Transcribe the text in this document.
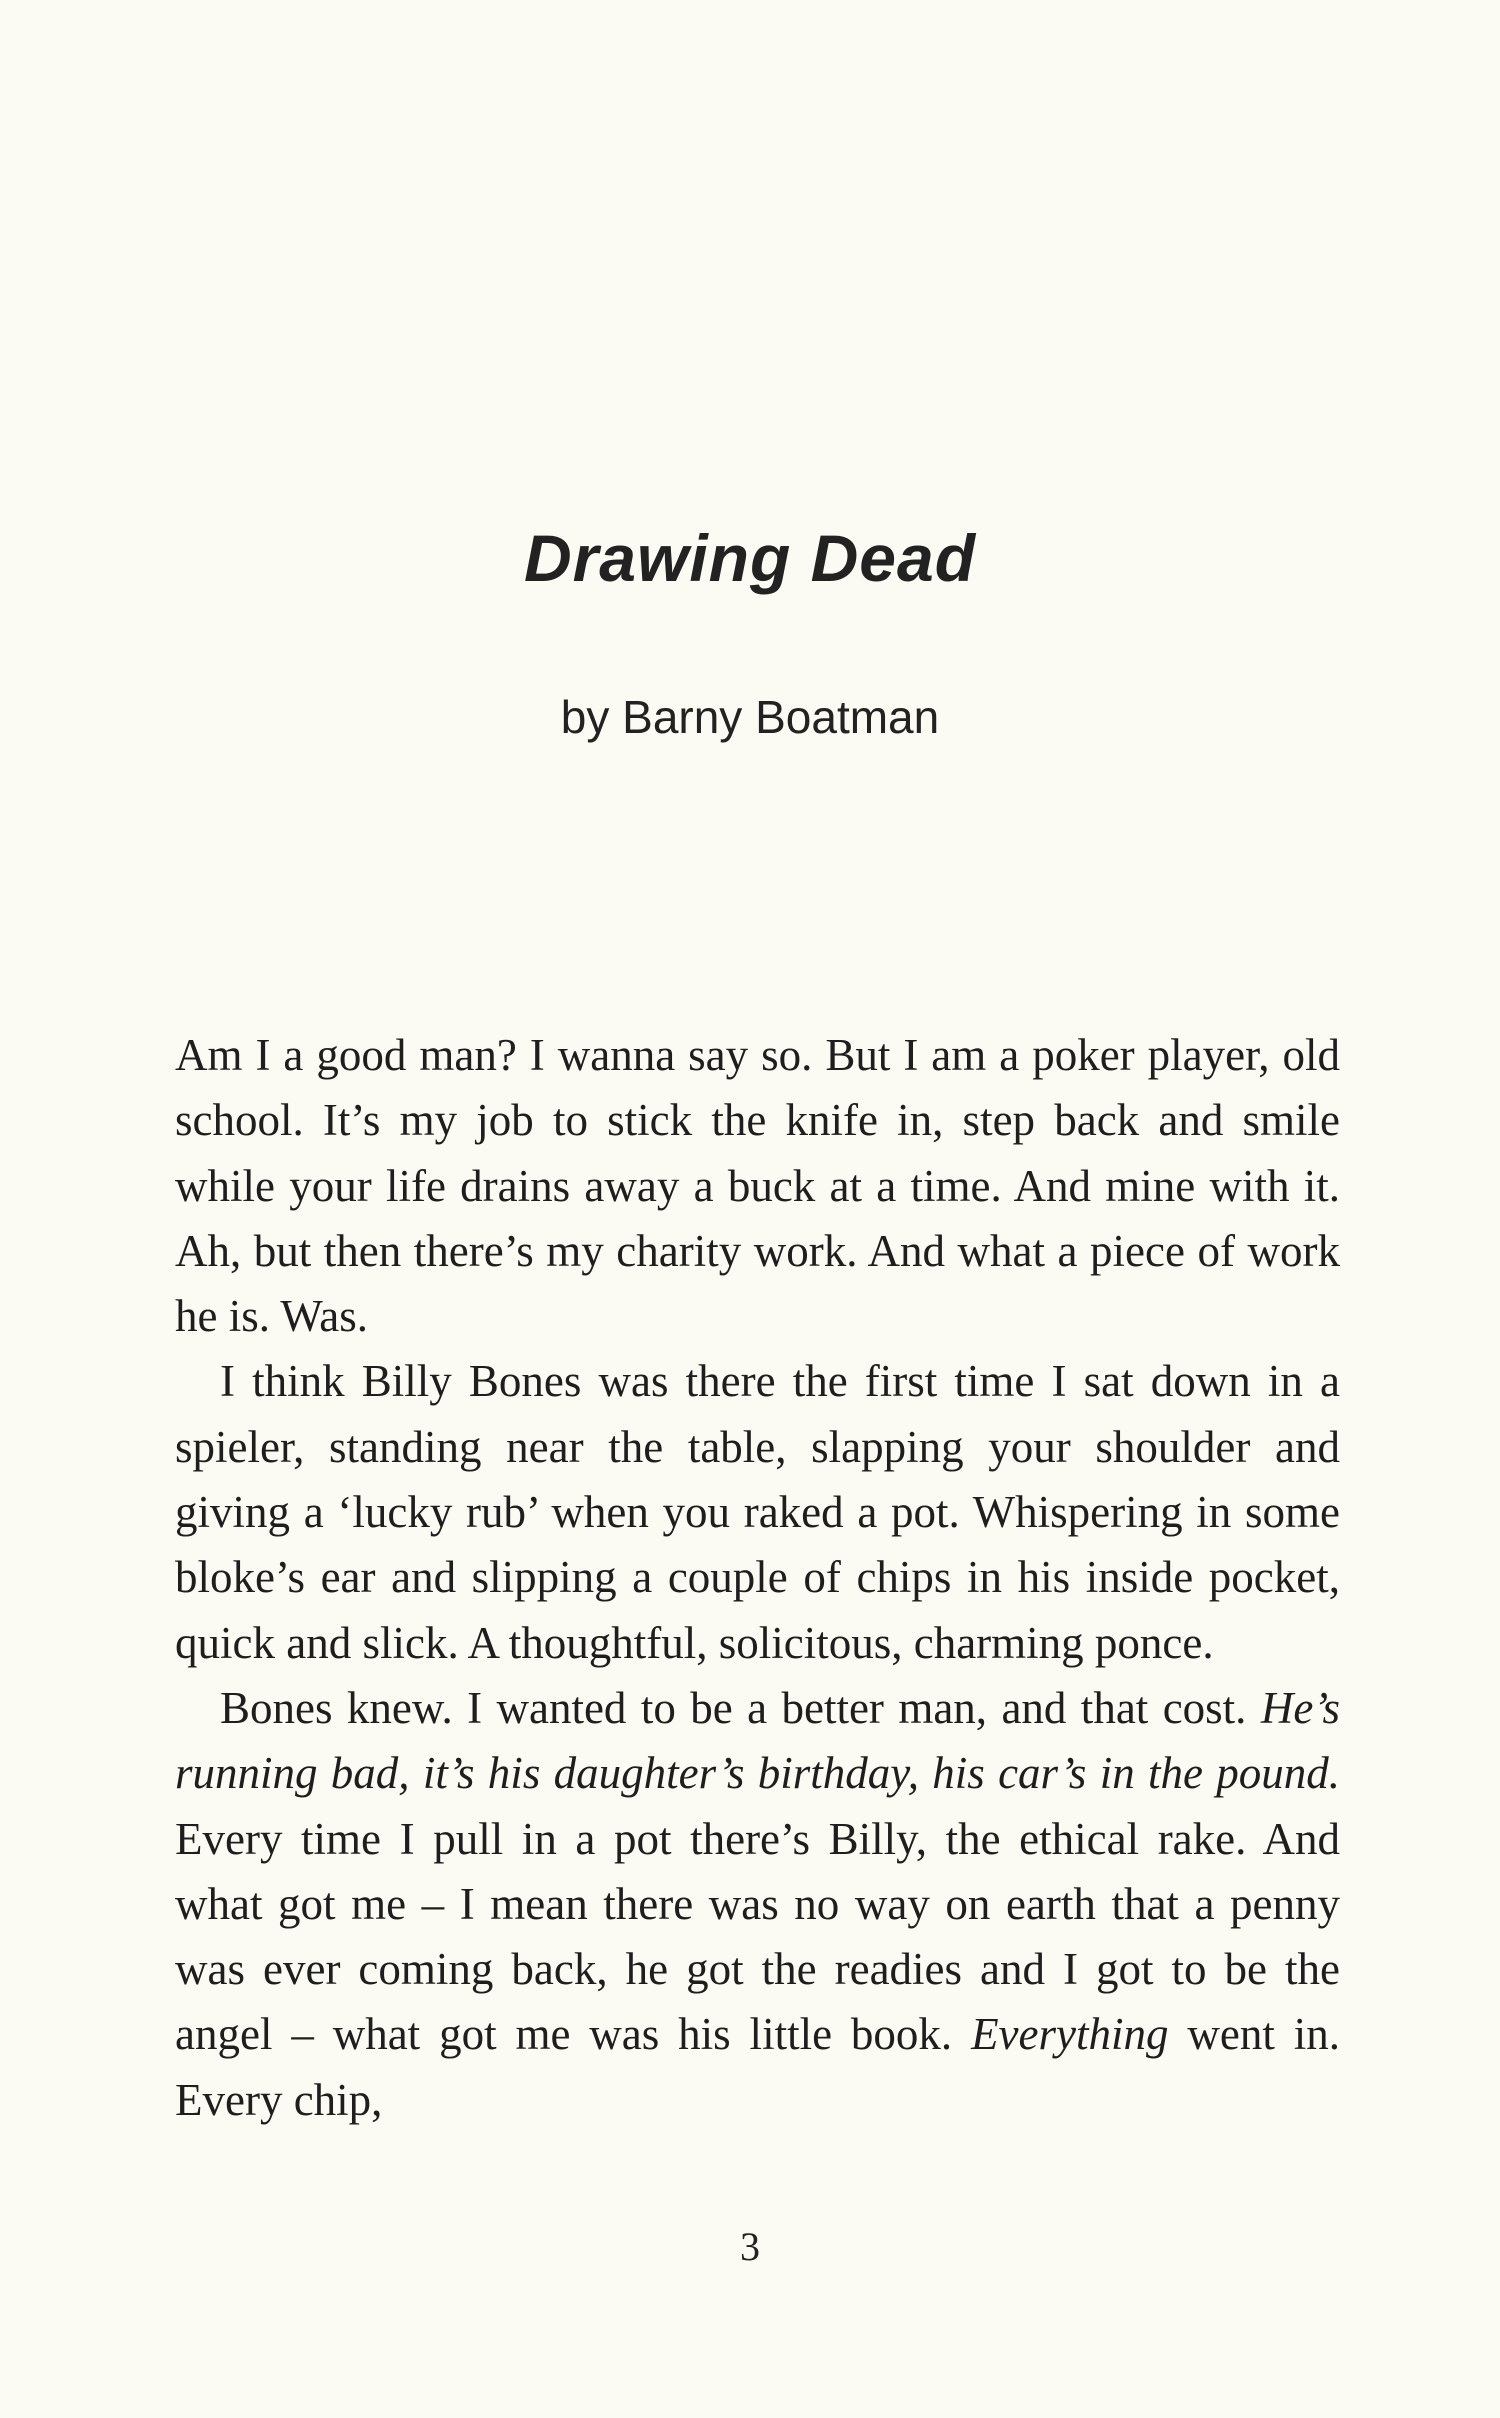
Drawing Dead
by Barny Boatman

Am I a good man? I wanna say so. But I am a poker player, old school. It’s my job to stick the knife in, step back and smile while your life drains away a buck at a time. And mine with it. Ah, but then there’s my charity work. And what a piece of work he is. Was.

I think Billy Bones was there the first time I sat down in a spieler, standing near the table, slapping your shoulder and giving a ‘lucky rub’ when you raked a pot. Whispering in some bloke’s ear and slipping a couple of chips in his inside pocket, quick and slick. A thoughtful, solicitous, charming ponce.

Bones knew. I wanted to be a better man, and that cost. He’s running bad, it’s his daughter’s birthday, his car’s in the pound. Every time I pull in a pot there’s Billy, the ethical rake. And what got me – I mean there was no way on earth that a penny was ever coming back, he got the readies and I got to be the angel – what got me was his little book. Everything went in. Every chip,

3
